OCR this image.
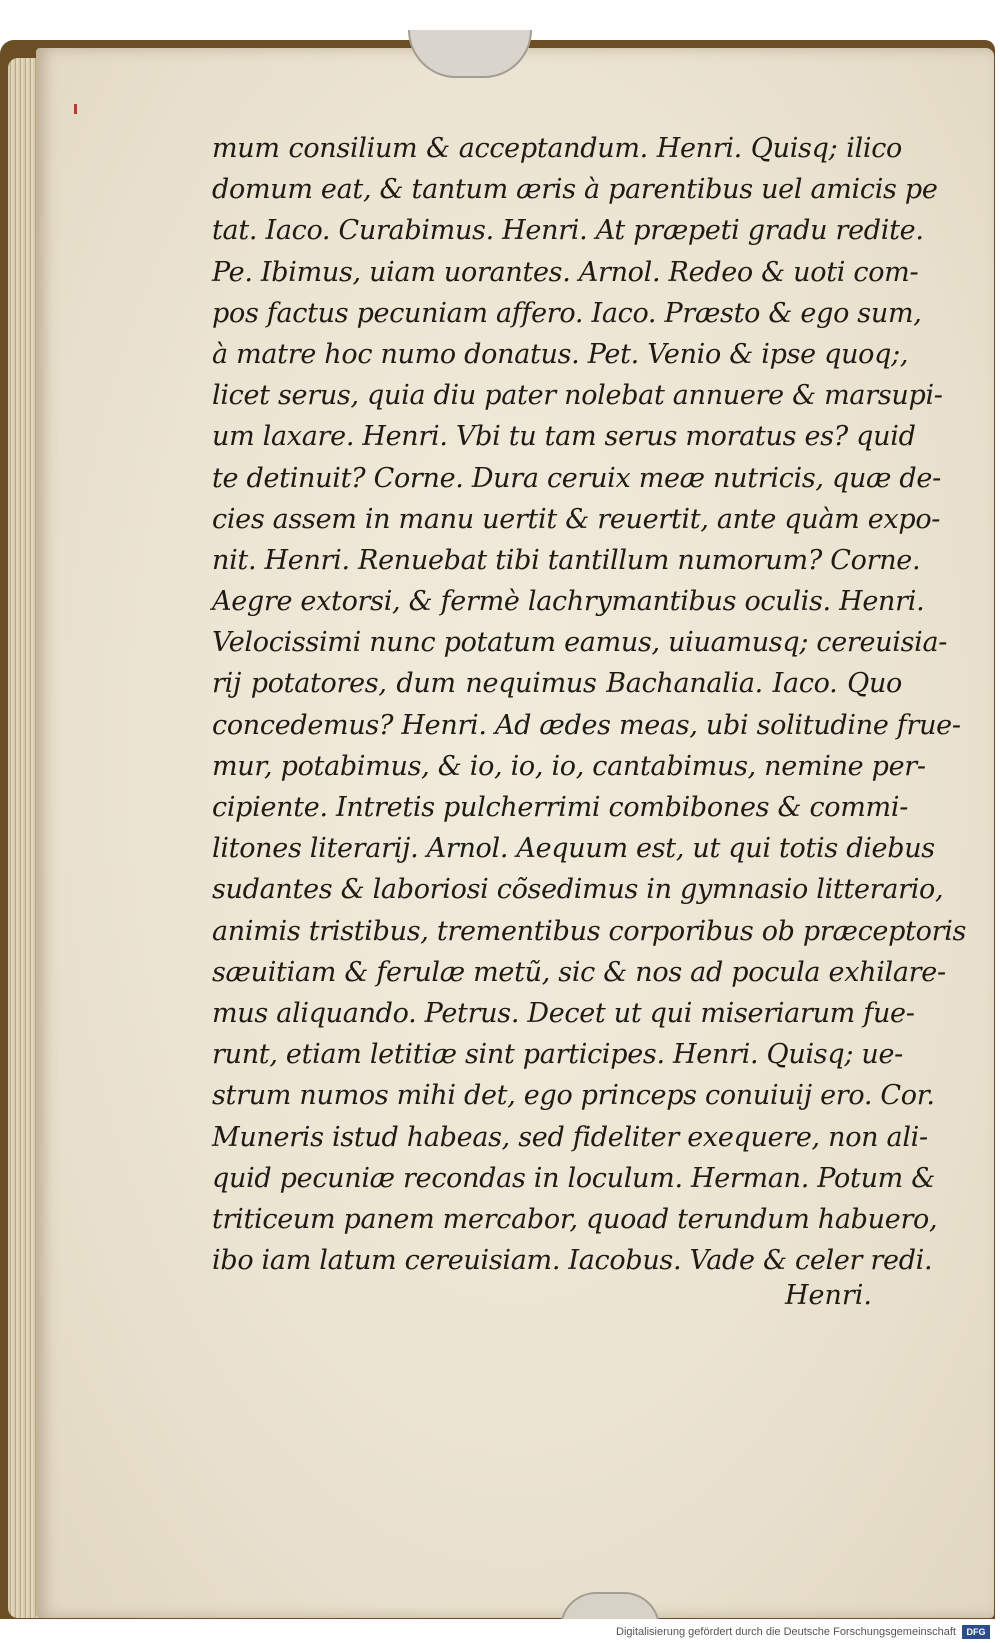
mum consilium & acceptandum. Henri. Quisq; ilico
domum eat, & tantum æris à parentibus uel amicis pe
tat. Iaco. Curabimus. Henri. At præpeti gradu redite.
Pe. Ibimus, uiam uorantes. Arnol. Redeo & uoti com-
pos factus pecuniam affero. Iaco. Præsto & ego sum,
à matre hoc numo donatus. Pet. Venio & ipse quoq;,
licet serus, quia diu pater nolebat annuere & marsupi-
um laxare. Henri. Vbi tu tam serus moratus es? quid
te detinuit? Corne. Dura ceruix meæ nutricis, quæ de-
cies assem in manu uertit & reuertit, ante quàm expo-
nit. Henri. Renuebat tibi tantillum numorum? Corne.
Aegre extorsi, & fermè lachrymantibus oculis. Henri.
Velocissimi nunc potatum eamus, uiuamusq; cereuisia-
rij potatores, dum nequimus Bachanalia. Iaco. Quo
concedemus? Henri. Ad ædes meas, ubi solitudine frue-
mur, potabimus, & io, io, io, cantabimus, nemine per-
cipiente. Intretis pulcherrimi combibones & commi-
litones literarij. Arnol. Aequum est, ut qui totis diebus
sudantes & laboriosi cõsedimus in gymnasio litterario,
animis tristibus, trementibus corporibus ob præceptoris
sæuitiam & ferulæ metũ, sic & nos ad pocula exhilare-
mus aliquando. Petrus. Decet ut qui miseriarum fue-
runt, etiam letitiæ sint participes. Henri. Quisq; ue-
strum numos mihi det, ego princeps conuiuij ero. Cor.
Muneris istud habeas, sed fideliter exequere, non ali-
quid pecuniæ recondas in loculum. Herman. Potum &
triticeum panem mercabor, quoad terundum habuero,
ibo iam latum cereuisiam. Iacobus. Vade & celer redi.
Henri.
Digitalisierung gefördert durch die Deutsche Forschungsgemeinschaft	DFG
